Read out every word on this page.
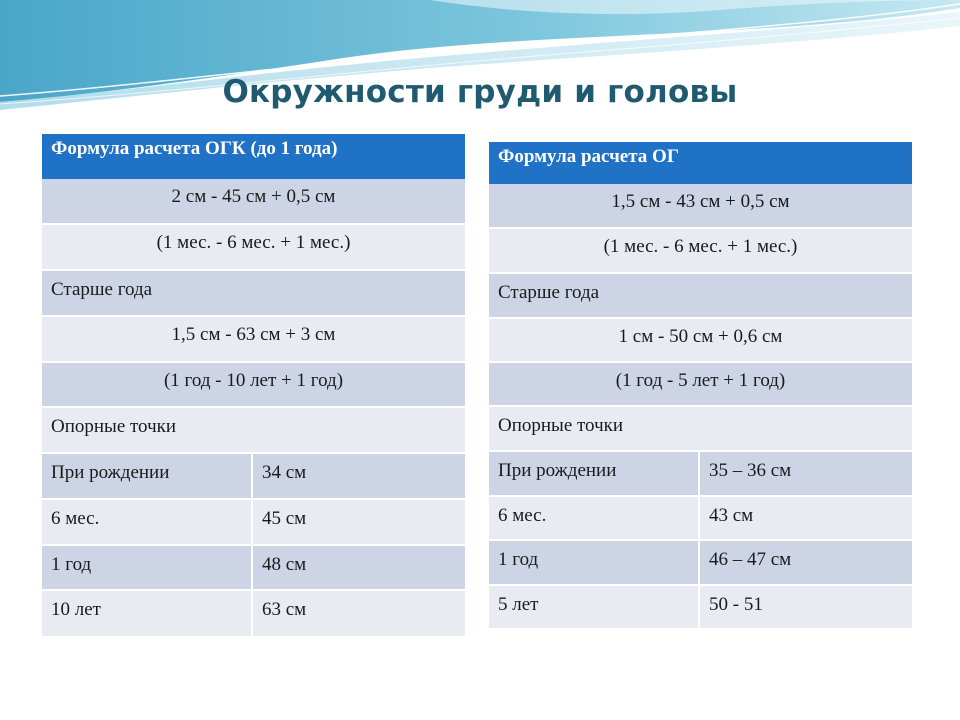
Окружности груди и головы
Формула расчета ОГК (до 1 года)	
2 см - 45 см + 0,5 см	
(1 мес. - 6 мес. + 1 мес.)	
Старше года	
1,5 см - 63 см + 3 см	
(1 год - 10 лет + 1 год)	
Опорные точки	
При рождении	34 см
6 мес.	45 см
1 год	48 см
10 лет	63 см
Формула расчета ОГ	
1,5 см - 43 см + 0,5 см	
(1 мес. - 6 мес. + 1 мес.)	
Старше года	
1 см - 50 см + 0,6 см	
(1 год - 5 лет + 1 год)	
Опорные точки	
При рождении	35 – 36 см
6 мес.	43 см
1 год	46 – 47 см
5 лет	50 - 51
